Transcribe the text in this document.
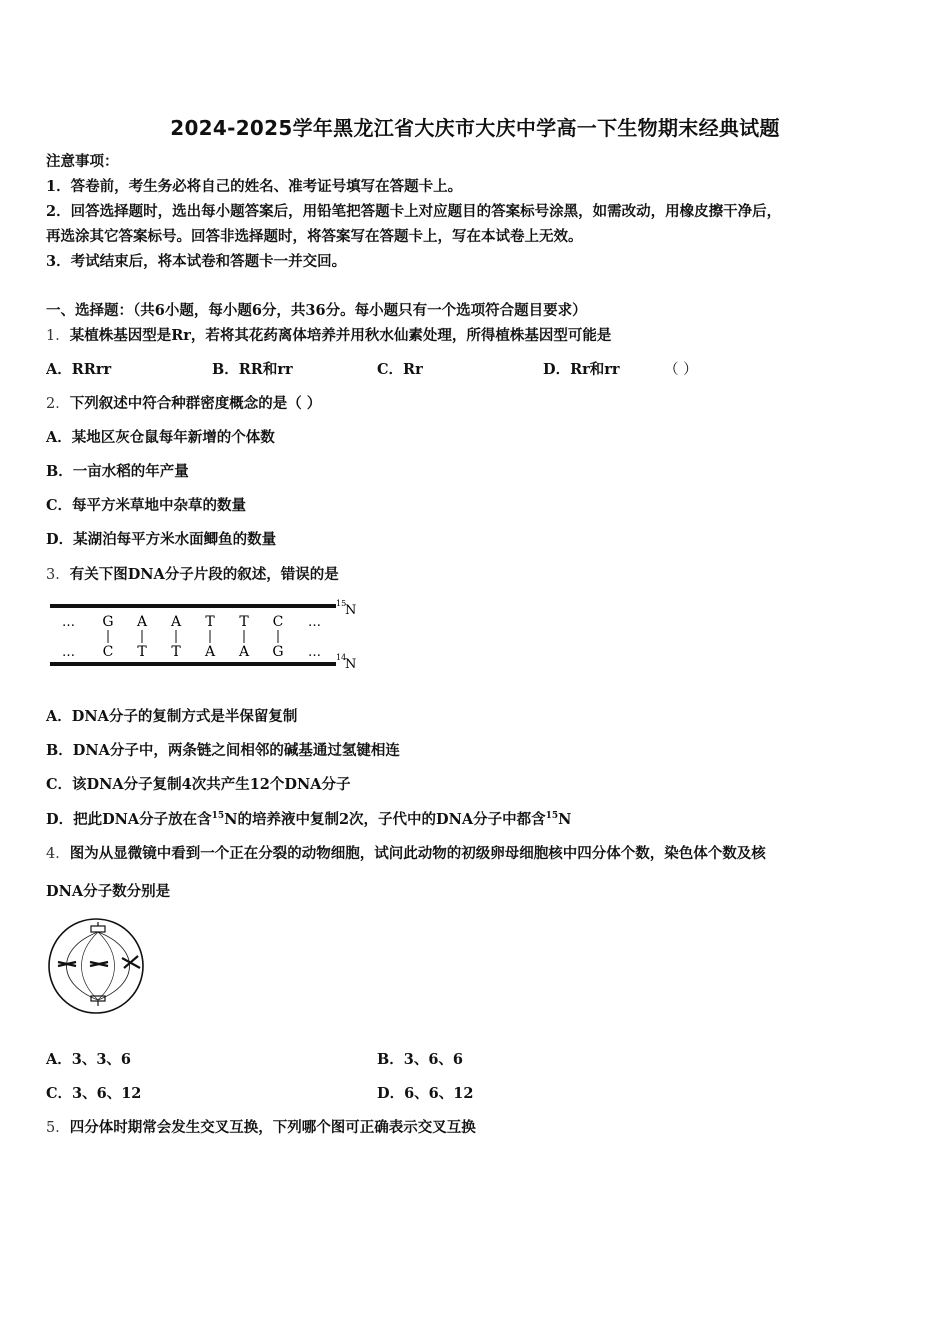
2024-2025学年黑龙江省大庆市大庆中学高一下生物期末经典试题
注意事项：
1．答卷前，考生务必将自己的姓名、准考证号填写在答题卡上。
2．回答选择题时，选出每小题答案后，用铅笔把答题卡上对应题目的答案标号涂黑，如需改动，用橡皮擦干净后，
再选涂其它答案标号。回答非选择题时，将答案写在答题卡上，写在本试卷上无效。
3．考试结束后，将本试卷和答题卡一并交回。
一、选择题：（共6小题，每小题6分，共36分。每小题只有一个选项符合题目要求）
1．某植株基因型是Rr，若将其花药离体培养并用秋水仙素处理，所得植株基因型可能是
A．RRrr	B．RR和rr	C．Rr	D．Rr和rr	（ ）
2．下列叙述中符合种群密度概念的是（ ）
A．某地区灰仓鼠每年新增的个体数
B．一亩水稻的年产量
C．每平方米草地中杂草的数量
D．某湖泊每平方米水面鲫鱼的数量
3．有关下图DNA分子片段的叙述，错误的是
…
…
…
…
G A A T T C
C T T A A G
15
N
14
N
A．DNA分子的复制方式是半保留复制
B．DNA分子中，两条链之间相邻的碱基通过氢键相连
C．该DNA分子复制4次共产生12个DNA分子
D．把此DNA分子放在含$^{15}$N的培养液中复制2次，子代中的DNA分子中都含$^{15}$N
4．图为从显微镜中看到一个正在分裂的动物细胞，试问此动物的初级卵母细胞核中四分体个数，染色体个数及核
DNA分子数分别是
A．3、3、6	B．3、6、6
C．3、6、12	D．6、6、12
5．四分体时期常会发生交叉互换，下列哪个图可正确表示交叉互换
